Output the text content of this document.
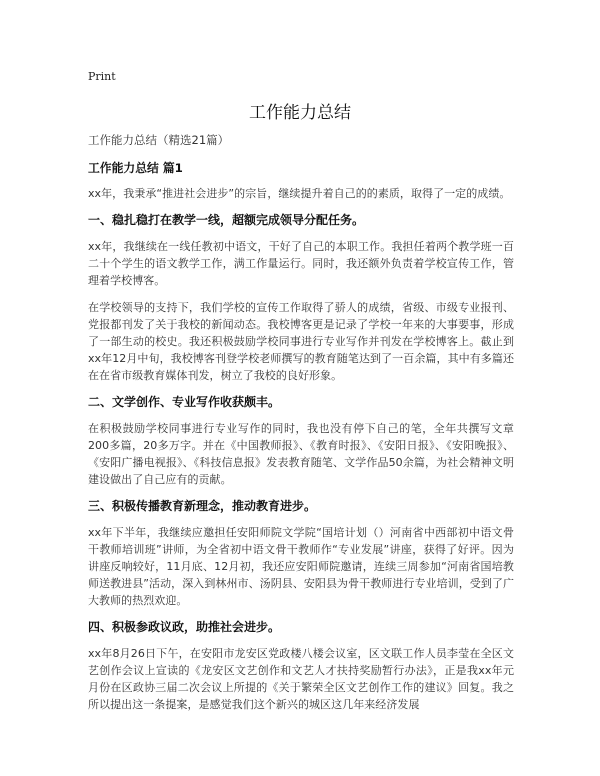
Print
工作能力总结
工作能力总结（精选21篇）
工作能力总结 篇1

xx年，我秉承“推进社会进步”的宗旨，继续提升着自己的的素质，取得了一定的成绩。

一、稳扎稳打在教学一线，超额完成领导分配任务。

xx年，我继续在一线任教初中语文，干好了自己的本职工作。我担任着两个教学班一百二十个学生的语文教学工作，满工作量运行。同时，我还额外负责着学校宣传工作，管理着学校博客。

在学校领导的支持下，我们学校的宣传工作取得了骄人的成绩，省级、市级专业报刊、党报都刊发了关于我校的新闻动态。我校博客更是记录了学校一年来的大事要事，形成了一部生动的校史。我还积极鼓励学校同事进行专业写作并刊发在学校博客上。截止到xx年12月中旬，我校博客刊登学校老师撰写的教育随笔达到了一百余篇，其中有多篇还在在省市级教育媒体刊发，树立了我校的良好形象。

二、文学创作、专业写作收获颇丰。

在积极鼓励学校同事进行专业写作的同时，我也没有停下自己的笔，全年共撰写文章200多篇，20多万字。并在《中国教师报》、《教育时报》、《安阳日报》、《安阳晚报》、《安阳广播电视报》、《科技信息报》发表教育随笔、文学作品50余篇，为社会精神文明建设做出了自己应有的贡献。

三、积极传播教育新理念，推动教育进步。

xx年下半年，我继续应邀担任安阳师院文学院“国培计划（）河南省中西部初中语文骨干教师培训班”讲师，为全省初中语文骨干教师作“专业发展”讲座，获得了好评。因为讲座反响较好，11月底、12月初，我还应安阳师院邀请，连续三周参加“河南省国培教师送教进县”活动，深入到林州市、汤阴县、安阳县为骨干教师进行专业培训，受到了广大教师的热烈欢迎。

四、积极参政议政，助推社会进步。

xx年8月26日下午，在安阳市龙安区党政楼八楼会议室，区文联工作人员李莹在全区文艺创作会议上宣读的《龙安区文艺创作和文艺人才扶持奖励暂行办法》，正是我xx年元月份在区政协三届二次会议上所提的《关于繁荣全区文艺创作工作的建议》回复。我之所以提出这一条提案，是感觉我们这个新兴的城区这几年来经济发展
